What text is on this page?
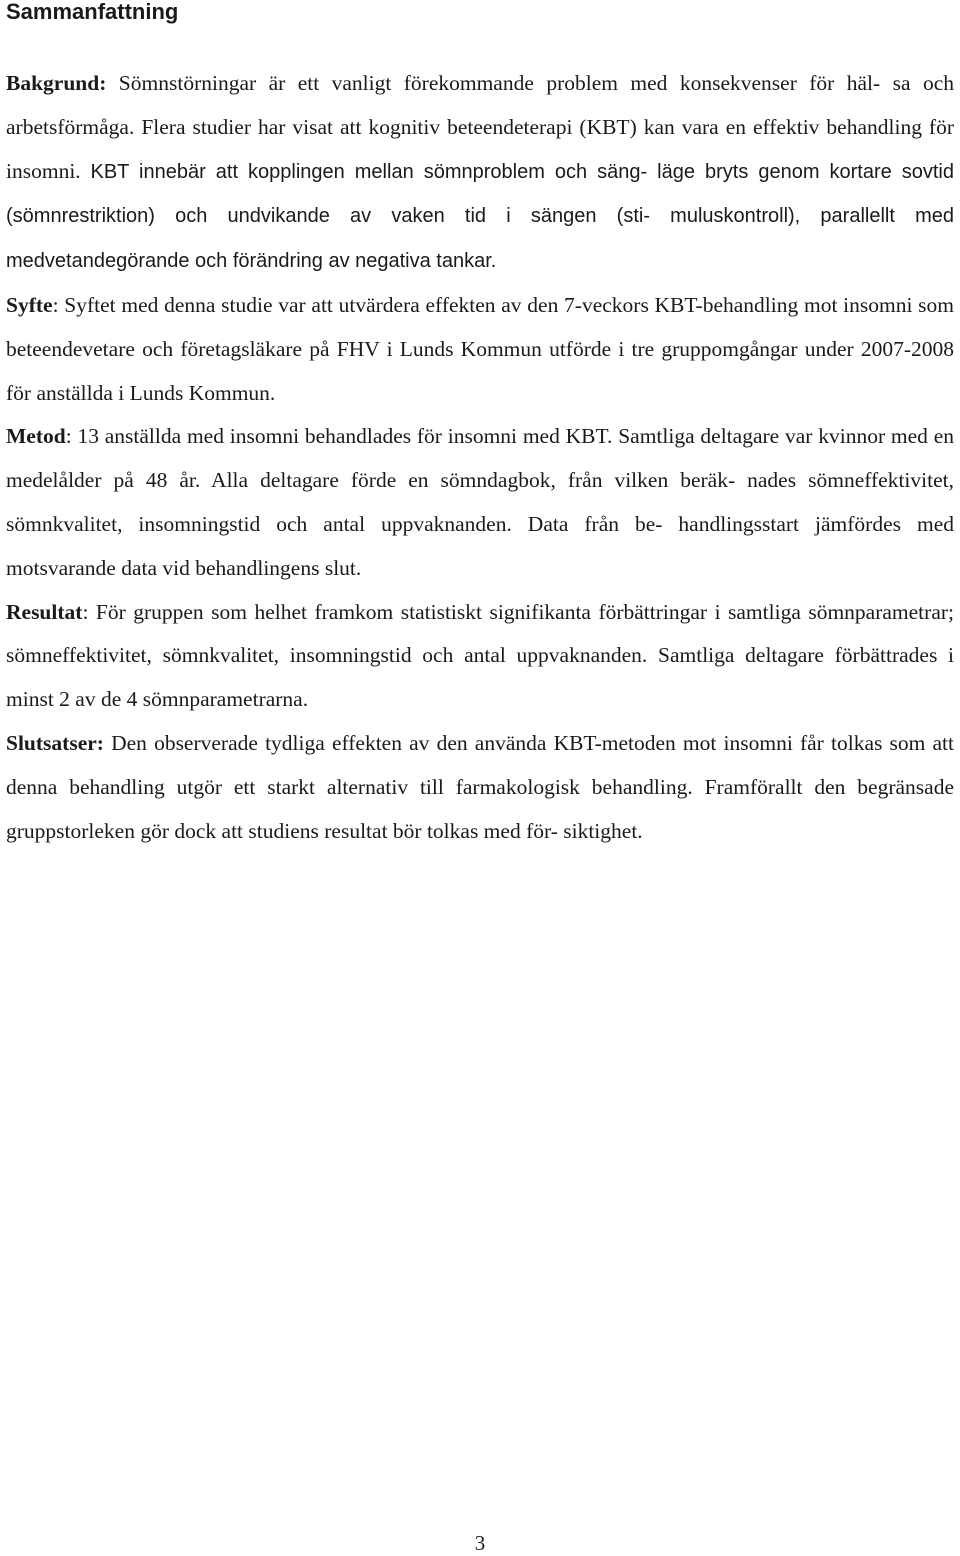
Sammanfattning

Bakgrund: Sömnstörningar är ett vanligt förekommande problem med konsekvenser för häl- sa och arbetsförmåga. Flera studier har visat att kognitiv beteendeterapi (KBT) kan vara en effektiv behandling för insomni. KBT innebär att kopplingen mellan sömnproblem och säng- läge bryts genom kortare sovtid (sömnrestriktion) och undvikande av vaken tid i sängen (sti- muluskontroll), parallellt med medvetandegörande och förändring av negativa tankar.

Syfte: Syftet med denna studie var att utvärdera effekten av den 7-veckors KBT-behandling mot insomni som beteendevetare och företagsläkare på FHV i Lunds Kommun utförde i tre gruppomgångar under 2007-2008 för anställda i Lunds Kommun.

Metod: 13 anställda med insomni behandlades för insomni med KBT. Samtliga deltagare var kvinnor med en medelålder på 48 år. Alla deltagare förde en sömndagbok, från vilken beräk- nades sömneffektivitet, sömnkvalitet, insomningstid och antal uppvaknanden. Data från be- handlingsstart jämfördes med motsvarande data vid behandlingens slut.

Resultat: För gruppen som helhet framkom statistiskt signifikanta förbättringar i samtliga sömnparametrar; sömneffektivitet, sömnkvalitet, insomningstid och antal uppvaknanden. Samtliga deltagare förbättrades i minst 2 av de 4 sömnparametrarna.

Slutsatser: Den observerade tydliga effekten av den använda KBT-metoden mot insomni får tolkas som att denna behandling utgör ett starkt alternativ till farmakologisk behandling. Framförallt den begränsade gruppstorleken gör dock att studiens resultat bör tolkas med för- siktighet.

3
